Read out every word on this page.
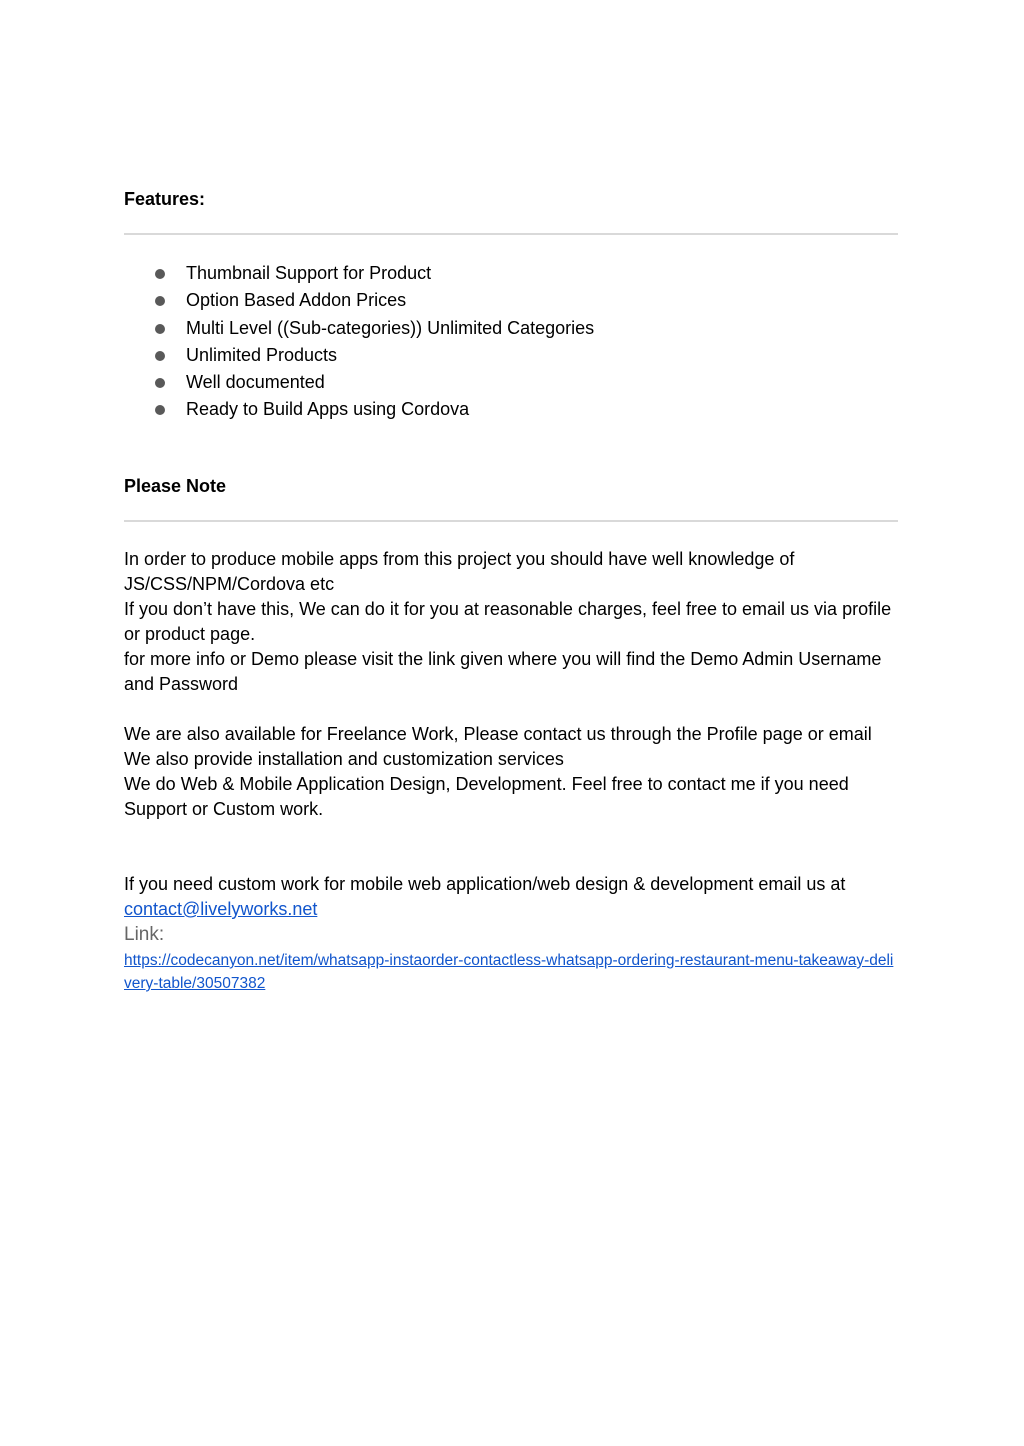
Features:
Thumbnail Support for Product
Option Based Addon Prices
Multi Level ((Sub-categories)) Unlimited Categories
Unlimited Products
Well documented
Ready to Build Apps using Cordova
Please Note

In order to produce mobile apps from this project you should have well knowledge of JS/CSS/NPM/Cordova etc

If you don’t have this, We can do it for you at reasonable charges, feel free to email us via profile or product page.

for more info or Demo please visit the link given where you will find the Demo Admin Username and Password

We are also available for Freelance Work, Please contact us through the Profile page or email

We also provide installation and customization services

We do Web & Mobile Application Design, Development. Feel free to contact me if you need Support or Custom work.

If you need custom work for mobile web application/web design & development email us at

contact@livelyworks.net

Link:

https://codecanyon.net/item/whatsapp-instaorder-contactless-whatsapp-ordering-restaurant-menu-takeaway-delivery-table/30507382
